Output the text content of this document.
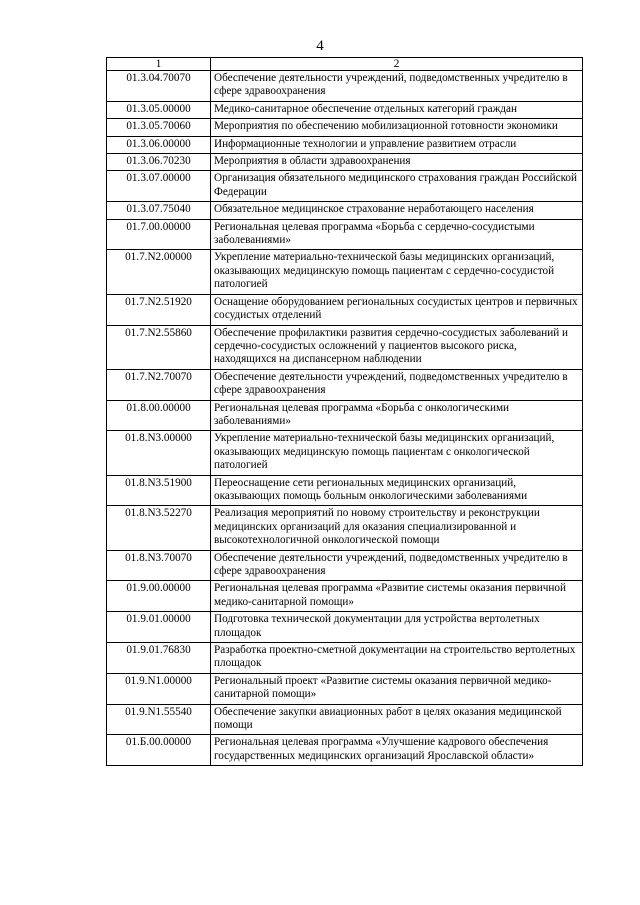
4
1	2
01.3.04.70070	Обеспечение деятельности учреждений, подведомственных учредителю в сфере здравоохранения
01.3.05.00000	Медико-санитарное обеспечение отдельных категорий граждан
01.3.05.70060	Мероприятия по обеспечению мобилизационной готовности экономики
01.3.06.00000	Информационные технологии и управление развитием отрасли
01.3.06.70230	Мероприятия в области здравоохранения
01.3.07.00000	Организация обязательного медицинского страхования граждан Российской Федерации
01.3.07.75040	Обязательное медицинское страхование неработающего населения
01.7.00.00000	Региональная целевая программа «Борьба с сердечно-сосудистыми заболеваниями»
01.7.N2.00000	Укрепление материально-технической базы медицинских организаций, оказывающих медицинскую помощь пациентам с сердечно-сосудистой патологией
01.7.N2.51920	Оснащение оборудованием региональных сосудистых центров и первичных сосудистых отделений
01.7.N2.55860	Обеспечение профилактики развития сердечно-сосудистых заболеваний и сердечно-сосудистых осложнений у пациентов высокого риска, находящихся на диспансерном наблюдении
01.7.N2.70070	Обеспечение деятельности учреждений, подведомственных учредителю в сфере здравоохранения
01.8.00.00000	Региональная целевая программа «Борьба с онкологическими заболеваниями»
01.8.N3.00000	Укрепление материально-технической базы медицинских организаций, оказывающих медицинскую помощь пациентам с онкологической патологией
01.8.N3.51900	Переоснащение сети региональных медицинских организаций, оказывающих помощь больным онкологическими заболеваниями
01.8.N3.52270	Реализация мероприятий по новому строительству и реконструкции медицинских организаций для оказания специализированной и высокотехнологичной онкологической помощи
01.8.N3.70070	Обеспечение деятельности учреждений, подведомственных учредителю в сфере здравоохранения
01.9.00.00000	Региональная целевая программа «Развитие системы оказания первичной медико-санитарной помощи»
01.9.01.00000	Подготовка технической документации для устройства вертолетных площадок
01.9.01.76830	Разработка проектно-сметной документации на строительство вертолетных площадок
01.9.N1.00000	Региональный проект «Развитие системы оказания первичной медико-санитарной помощи»
01.9.N1.55540	Обеспечение закупки авиационных работ в целях оказания медицинской помощи
01.Б.00.00000	Региональная целевая программа «Улучшение кадрового обеспечения государственных медицинских организаций Ярославской области»
